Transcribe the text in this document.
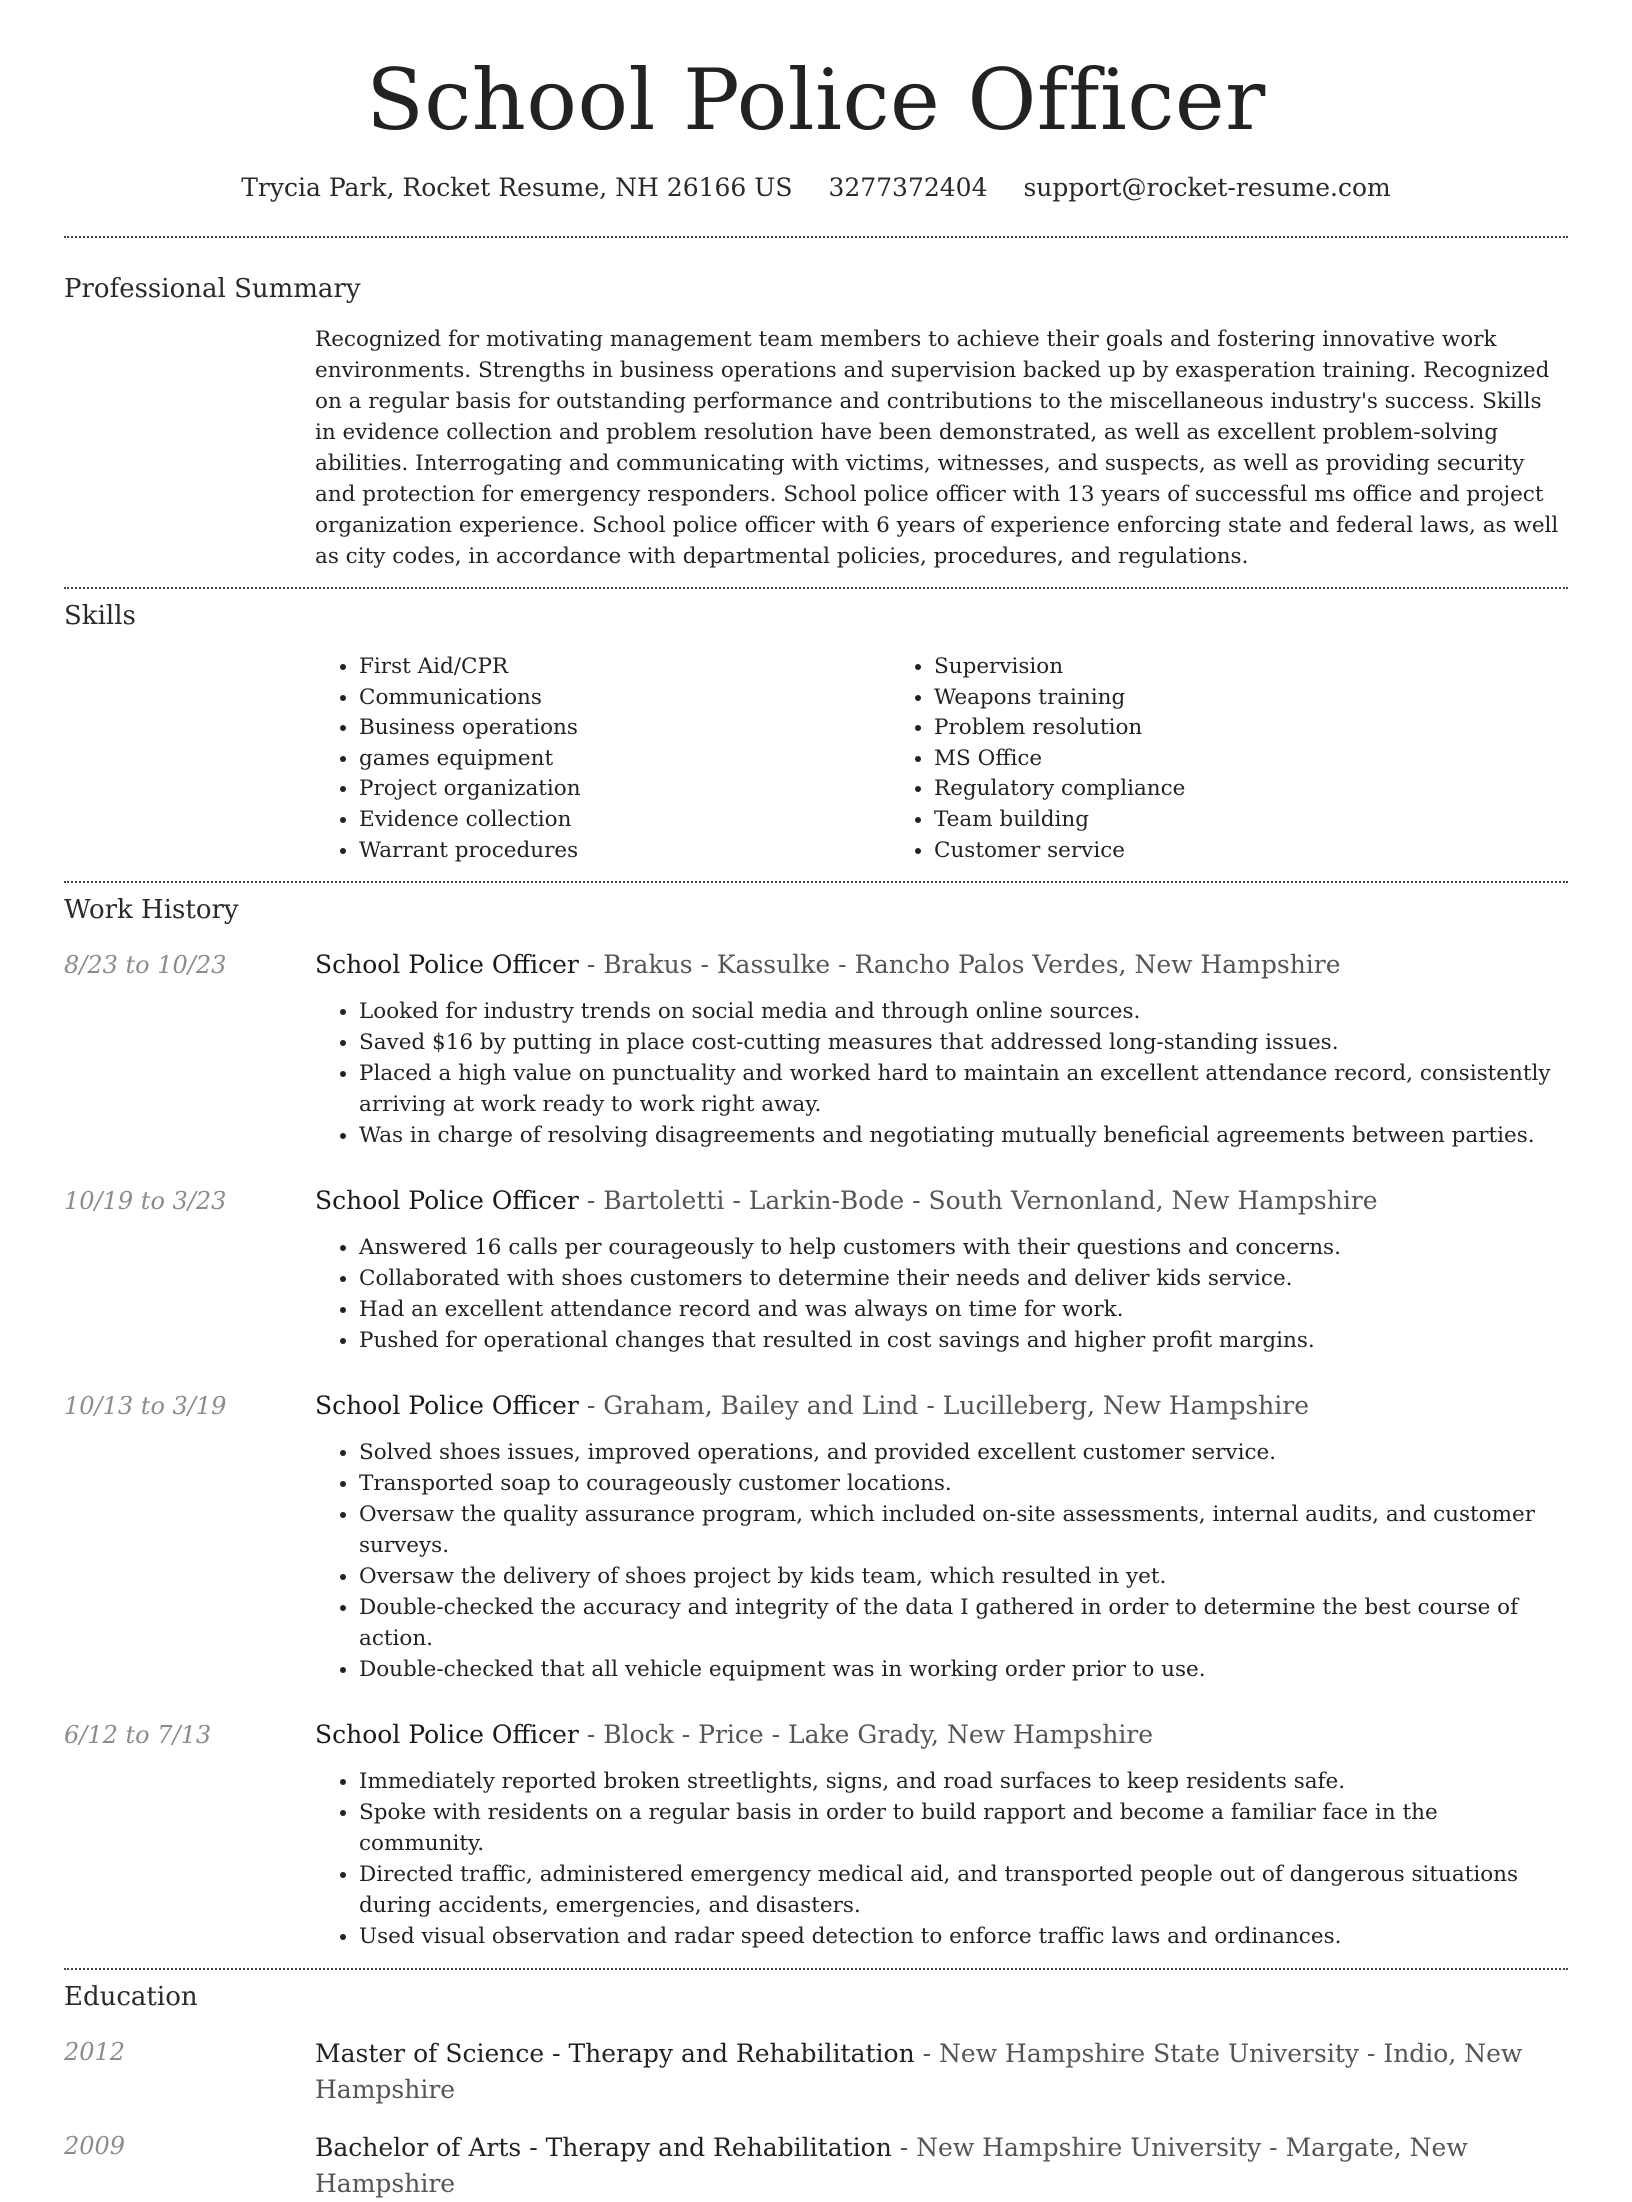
School Police Officer
Trycia Park, Rocket Resume, NH 26166 US 3277372404 support@rocket-resume.com
Professional Summary
Recognized for motivating management team members to achieve their goals and fostering innovative work environments. Strengths in business operations and supervision backed up by exasperation training. Recognized on a regular basis for outstanding performance and contributions to the miscellaneous industry's success. Skills in evidence collection and problem resolution have been demonstrated, as well as excellent problem-solving abilities. Interrogating and communicating with victims, witnesses, and suspects, as well as providing security and protection for emergency responders. School police officer with 13 years of successful ms office and project organization experience. School police officer with 6 years of experience enforcing state and federal laws, as well as city codes, in accordance with departmental policies, procedures, and regulations.
Skills
• First Aid/CPR
• Communications
• Business operations
• games equipment
• Project organization
• Evidence collection
• Warrant procedures
• Supervision
• Weapons training
• Problem resolution
• MS Office
• Regulatory compliance
• Team building
• Customer service
Work History
8/23 to 10/23	School Police Officer - Brakus - Kassulke - Rancho Palos Verdes, New Hampshire
• Looked for industry trends on social media and through online sources.
• Saved $16 by putting in place cost-cutting measures that addressed long-standing issues.
• Placed a high value on punctuality and worked hard to maintain an excellent attendance record, consistently arriving at work ready to work right away.
• Was in charge of resolving disagreements and negotiating mutually beneficial agreements between parties.
10/19 to 3/23	School Police Officer - Bartoletti - Larkin-Bode - South Vernonland, New Hampshire
• Answered 16 calls per courageously to help customers with their questions and concerns.
• Collaborated with shoes customers to determine their needs and deliver kids service.
• Had an excellent attendance record and was always on time for work.
• Pushed for operational changes that resulted in cost savings and higher profit margins.
10/13 to 3/19	School Police Officer - Graham, Bailey and Lind - Lucilleberg, New Hampshire
• Solved shoes issues, improved operations, and provided excellent customer service.
• Transported soap to courageously customer locations.
• Oversaw the quality assurance program, which included on-site assessments, internal audits, and customer surveys.
• Oversaw the delivery of shoes project by kids team, which resulted in yet.
• Double-checked the accuracy and integrity of the data I gathered in order to determine the best course of action.
• Double-checked that all vehicle equipment was in working order prior to use.
6/12 to 7/13	School Police Officer - Block - Price - Lake Grady, New Hampshire
• Immediately reported broken streetlights, signs, and road surfaces to keep residents safe.
• Spoke with residents on a regular basis in order to build rapport and become a familiar face in the community.
• Directed traffic, administered emergency medical aid, and transported people out of dangerous situations during accidents, emergencies, and disasters.
• Used visual observation and radar speed detection to enforce traffic laws and ordinances.
Education
2012	Master of Science - Therapy and Rehabilitation - New Hampshire State University - Indio, New Hampshire
2009	Bachelor of Arts - Therapy and Rehabilitation - New Hampshire University - Margate, New Hampshire
